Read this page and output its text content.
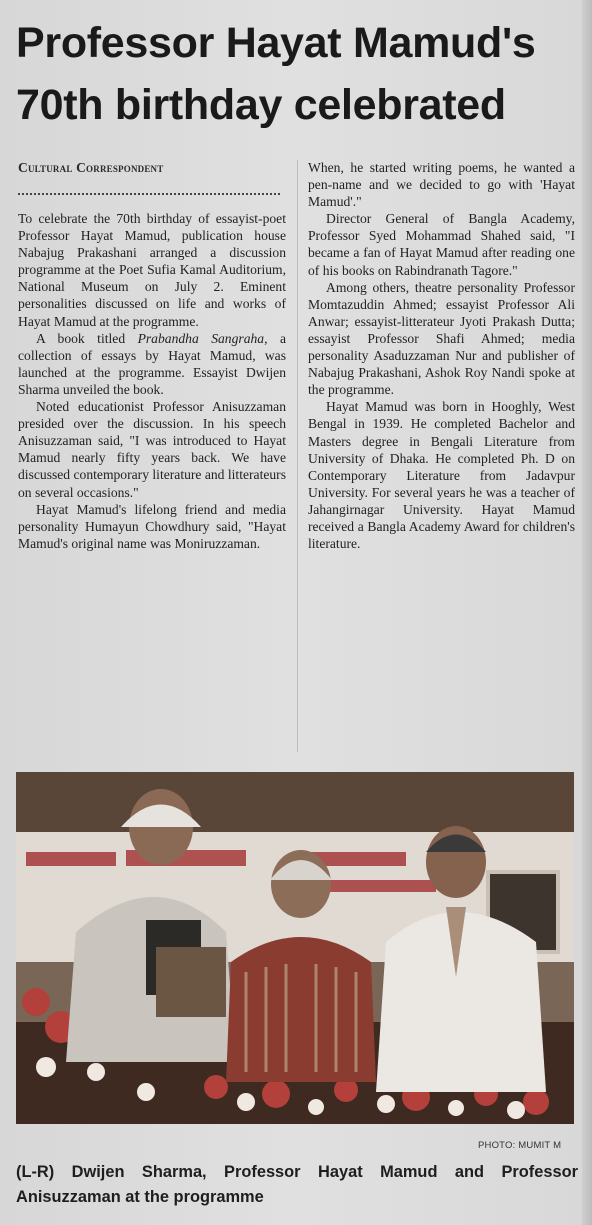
Professor Hayat Mamud's
70th birthday celebrated
Cultural Correspondent

To celebrate the 70th birthday of essayist-poet Professor Hayat Mamud, publication house Nabajug Prakashani arranged a discussion programme at the Poet Sufia Kamal Auditorium, National Museum on July 2. Eminent personalities discussed on life and works of Hayat Mamud at the programme.

A book titled Prabandha Sangraha, a collection of essays by Hayat Mamud, was launched at the programme. Essayist Dwijen Sharma unveiled the book.

Noted educationist Professor Anisuzzaman presided over the discussion. In his speech Anisuzzaman said, "I was introduced to Hayat Mamud nearly fifty years back. We have discussed contemporary literature and litterateurs on several occasions."

Hayat Mamud's lifelong friend and media personality Humayun Chowdhury said, "Hayat Mamud's original name was Moniruzzaman.

When, he started writing poems, he wanted a pen-name and we decided to go with 'Hayat Mamud'."

Director General of Bangla Academy, Professor Syed Mohammad Shahed said, "I became a fan of Hayat Mamud after reading one of his books on Rabindranath Tagore."

Among others, theatre personality Professor Momtazuddin Ahmed; essayist Professor Ali Anwar; essayist-litterateur Jyoti Prakash Dutta; essayist Professor Shafi Ahmed; media personality Asaduzzaman Nur and publisher of Nabajug Prakashani, Ashok Roy Nandi spoke at the programme.

Hayat Mamud was born in Hooghly, West Bengal in 1939. He completed Bachelor and Masters degree in Bengali Literature from University of Dhaka. He completed Ph. D on Contemporary Literature from Jadavpur University. For several years he was a teacher of Jahangirnagar University. Hayat Mamud received a Bangla Academy Award for children's literature.

PHOTO: MUMIT M
(L-R) Dwijen Sharma, Professor Hayat Mamud and Professor Anisuzzaman at the programme
